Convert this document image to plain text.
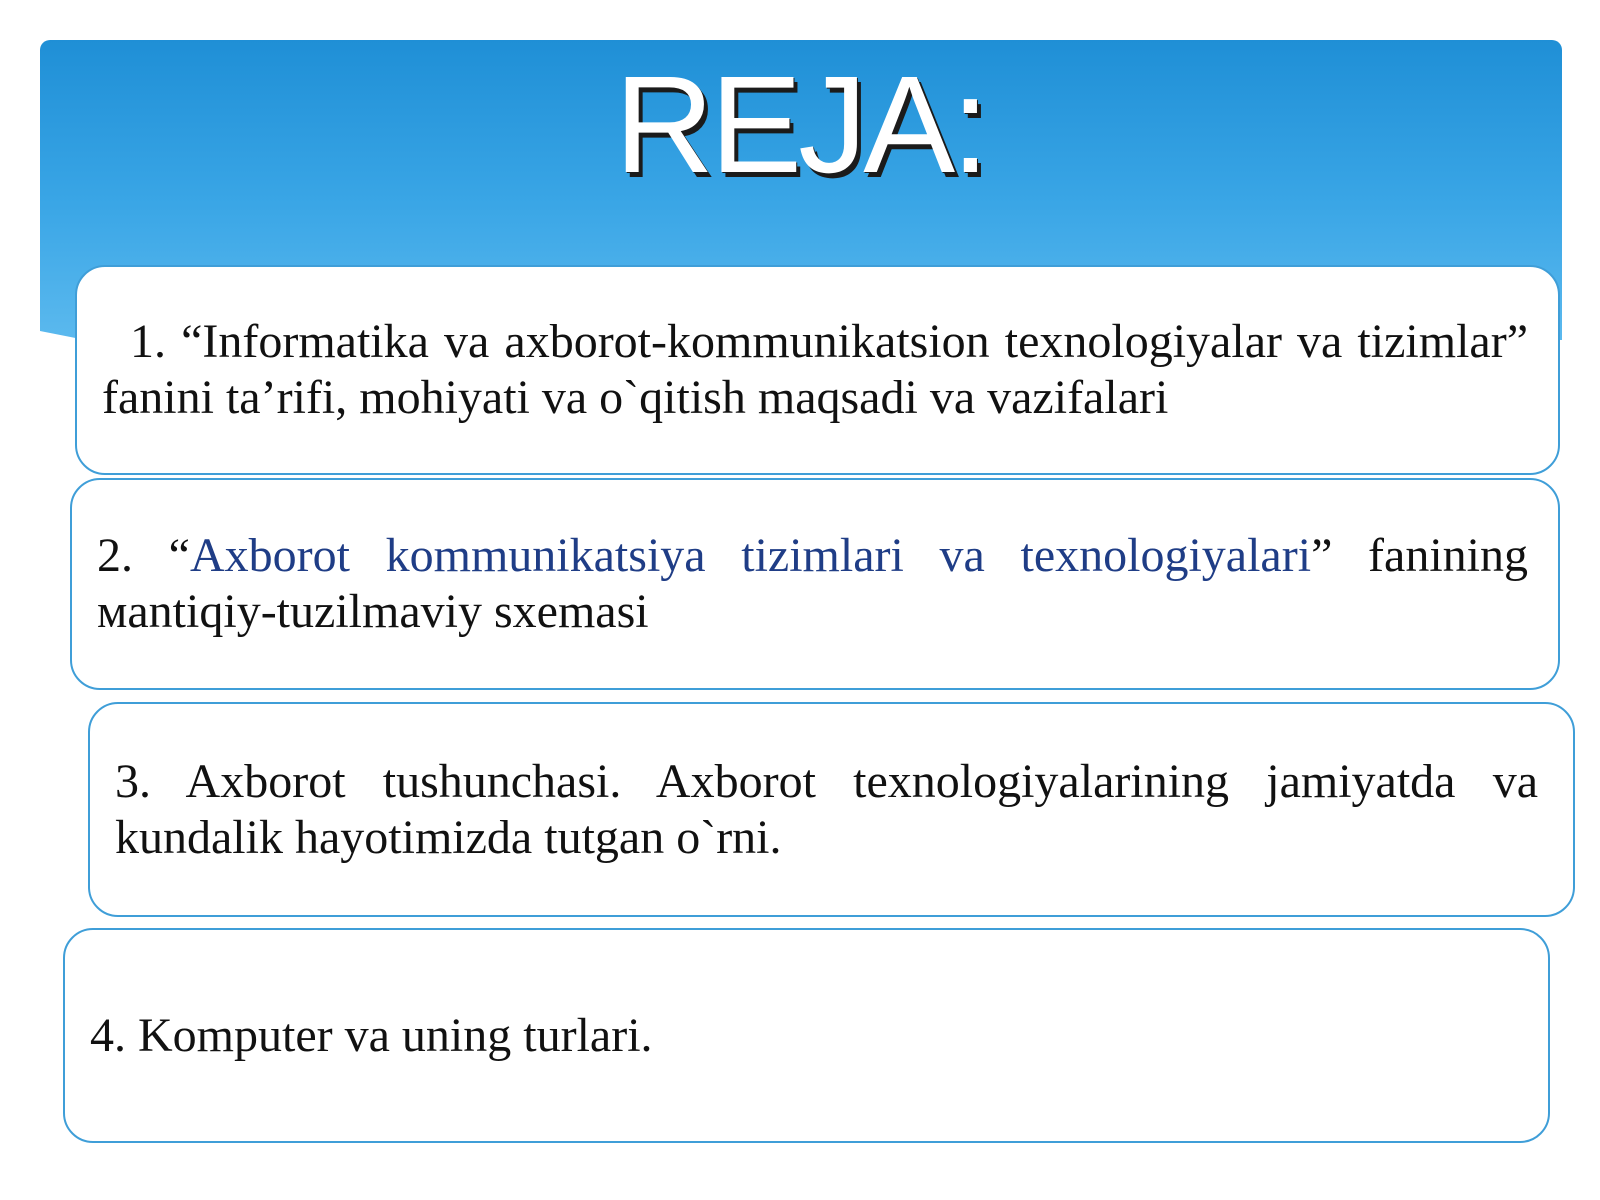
REJA:
1. “Informatika va axborot-kommunikatsion texnologiyalar va tizimlar” fanini ta’rifi, mohiyati va o`qitish maqsadi va vazifalari
2. “Axborot kommunikatsiya tizimlari va texnologiyalari” fanining мantiqiy-tuzilmaviy sxemasi
3. Axborot tushunchasi. Axborot texnologiyalarining jamiyatda va kundalik hayotimizda tutgan o`rni.
4. Komputer va uning turlari.
